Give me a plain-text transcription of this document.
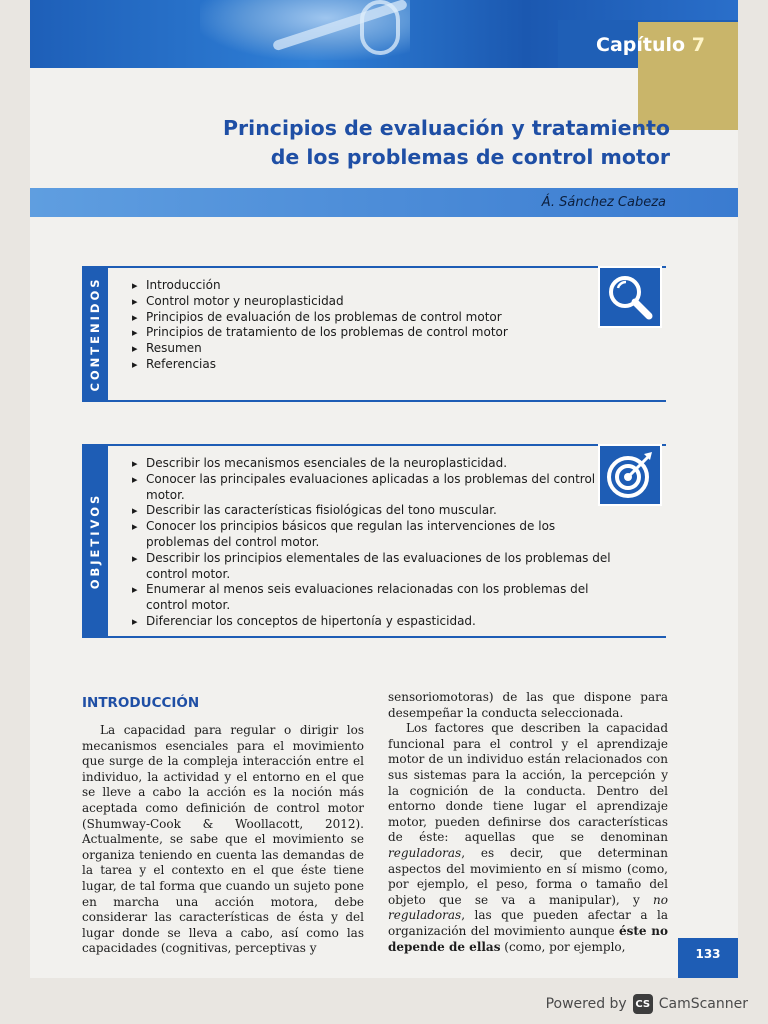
Capítulo 7
Principios de evaluación y tratamiento
de los problemas de control motor
Á. Sánchez Cabeza
CONTENIDOS
▸	Introducción
▸ Control motor y neuroplasticidad
▸ Principios de evaluación de los problemas de control motor
▸ Principios de tratamiento de los problemas de control motor
▸ Resumen
▸ Referencias
OBJETIVOS
▸ Describir los mecanismos esenciales de la neuroplasticidad.
▸ Conocer las principales evaluaciones aplicadas a los problemas del control motor.
▸ Describir las características fisiológicas del tono muscular.
▸ Conocer los principios básicos que regulan las intervenciones de los problemas del control motor.
▸ Describir los principios elementales de las evaluaciones de los problemas del control motor.
▸ Enumerar al menos seis evaluaciones relacionadas con los problemas del control motor.
▸ Diferenciar los conceptos de hipertonía y espasticidad.
INTRODUCCIÓN

La capacidad para regular o dirigir los mecanismos esenciales para el movimiento que surge de la compleja interacción entre el individuo, la actividad y el entorno en el que se lleve a cabo la acción es la noción más aceptada como definición de control motor (Shumway-Cook & Woollacott, 2012). Actualmente, se sabe que el movimiento se organiza teniendo en cuenta las demandas de la tarea y el contexto en el que éste tiene lugar, de tal forma que cuando un sujeto pone en marcha una acción motora, debe considerar las características de ésta y del lugar donde se lleva a cabo, así como las capacidades (cognitivas, perceptivas y

sensoriomotoras) de las que dispone para desempeñar la conducta seleccionada.

Los factores que describen la capacidad funcional para el control y el aprendizaje motor de un individuo están relacionados con sus sistemas para la acción, la percepción y la cognición de la conducta. Dentro del entorno donde tiene lugar el aprendizaje motor, pueden definirse dos características de éste: aquellas que se denominan reguladoras, es decir, que determinan aspectos del movimiento en sí mismo (como, por ejemplo, el peso, forma o tamaño del objeto que se va a manipular), y no reguladoras, las que pueden afectar a la organización del movimiento aunque éste no depende de ellas (como, por ejemplo,

133
Powered by CS CamScanner
